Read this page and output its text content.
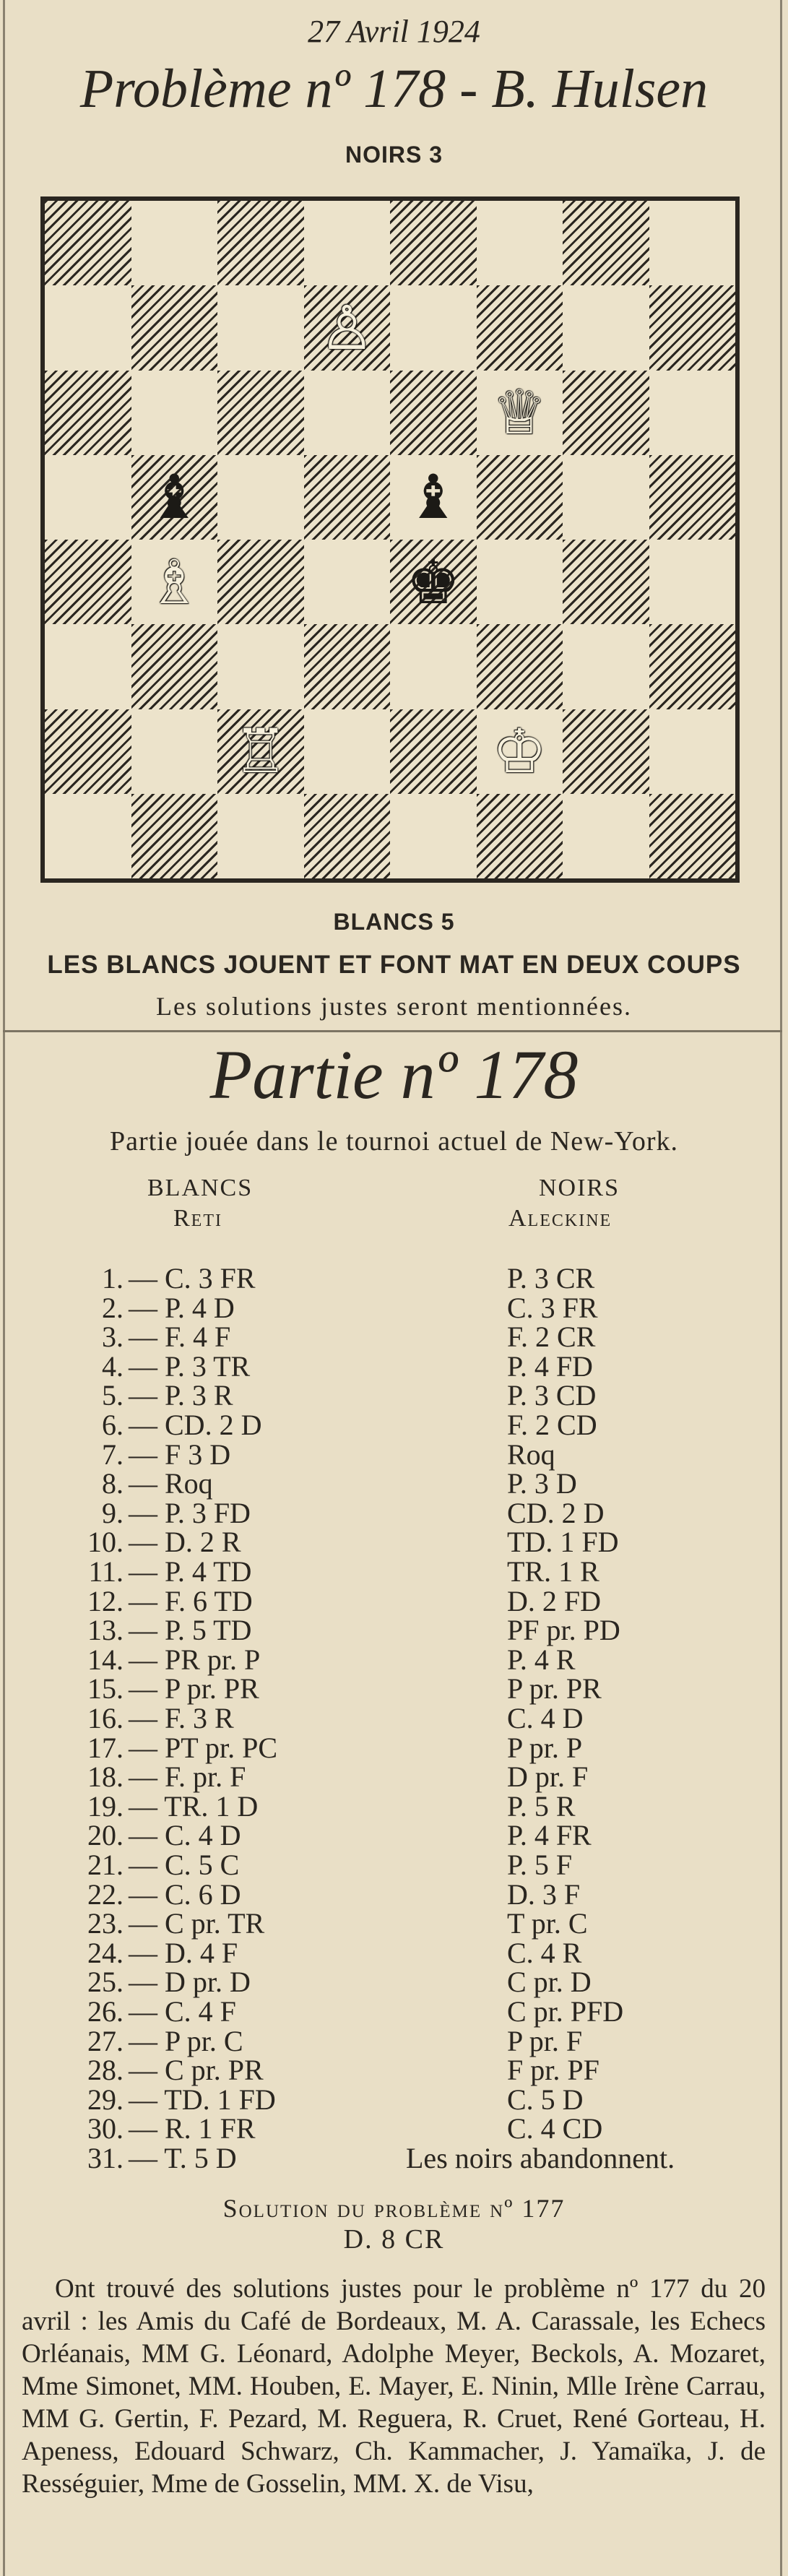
27 Avril 1924
Problème nº 178 - B. Hulsen
NOIRS 3
♙
♕
♝	♝
♗	♚
♖	♔
BLANCS 5
LES BLANCS JOUENT ET FONT MAT EN DEUX COUPS
Les solutions justes seront mentionnées.
Partie nº 178
Partie jouée dans le tournoi actuel de New-York.
BLANCS
Reti
NOIRS
Aleckine
1. — C. 3 FR	P. 3 CR
2. — P. 4 D	C. 3 FR
3. — F. 4 F	F. 2 CR
4. — P. 3 TR	P. 4 FD
5. — P. 3 R	P. 3 CD
6. — CD. 2 D	F. 2 CD
7. — F 3 D	Roq
8. — Roq	P. 3 D
9. — P. 3 FD	CD. 2 D
10. — D. 2 R	TD. 1 FD
11. — P. 4 TD	TR. 1 R
12. — F. 6 TD	D. 2 FD
13. — P. 5 TD	PF pr. PD
14. — PR pr. P	P. 4 R
15. — P pr. PR	P pr. PR
16. — F. 3 R	C. 4 D
17. — PT pr. PC	P pr. P
18. — F. pr. F	D pr. F
19. — TR. 1 D	P. 5 R
20. — C. 4 D	P. 4 FR
21. — C. 5 C	P. 5 F
22. — C. 6 D	D. 3 F
23. — C pr. TR	T pr. C
24. — D. 4 F	C. 4 R
25. — D pr. D	C pr. D
26. — C. 4 F	C pr. PFD
27. — P pr. C	P pr. F
28. — C pr. PR	F pr. PF
29. — TD. 1 FD	C. 5 D
30. — R. 1 FR	C. 4 CD
31. — T. 5 D	Les noirs abandonnent.
Solution du problème nº 177
D. 8 CR
Ont trouvé des solutions justes pour le problème nº 177 du 20 avril : les Amis du Café de Bordeaux, M. A. Carassale, les Echecs Orléanais, MM G. Léonard, Adolphe Meyer, Beckols, A. Mozaret, Mme Simonet, MM. Houben, E. Mayer, E. Ninin, Mlle Irène Carrau, MM G. Gertin, F. Pezard, M. Reguera, R. Cruet, René Gorteau, H. Apeness, Edouard Schwarz, Ch. Kammacher, J. Yamaïka, J. de Rességuier, Mme de Gosselin, MM. X. de Visu,
